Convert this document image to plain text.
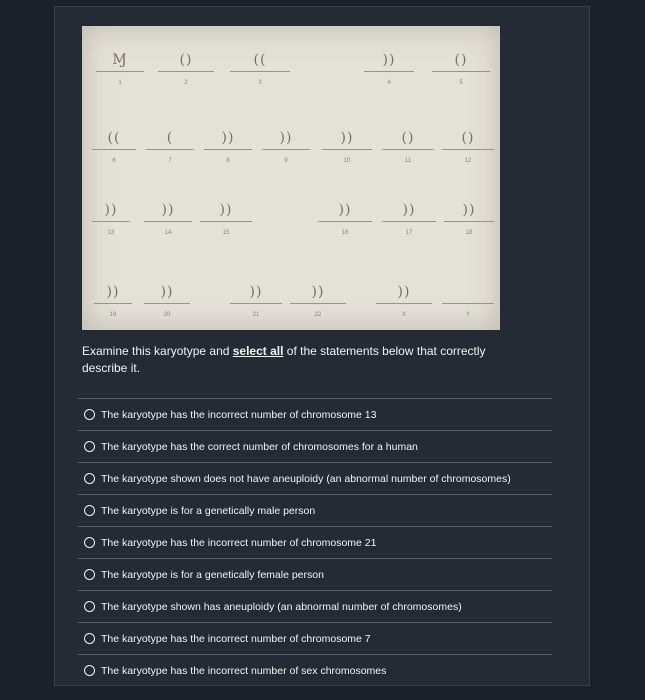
Ɱ
1
()
2
((
3
))
4
()
5
((
6
(
7
))
8
))
9
))
10
()
11
()
12
))
13
))
14
))
15
))
16
))
17
))
18
))
19
))
20
))
21
))
22
))
X	Y
Examine this karyotype and select all of the statements below that correctly describe it.
The karyotype has the incorrect number of chromosome 13
The karyotype has the correct number of chromosomes for a human
The karyotype shown does not have aneuploidy (an abnormal number of chromosomes)
The karyotype is for a genetically male person
The karyotype has the incorrect number of chromosome 21
The karyotype is for a genetically female person
The karyotype shown has aneuploidy (an abnormal number of chromosomes)
The karyotype has the incorrect number of chromosome 7
The karyotype has the incorrect number of sex chromosomes
